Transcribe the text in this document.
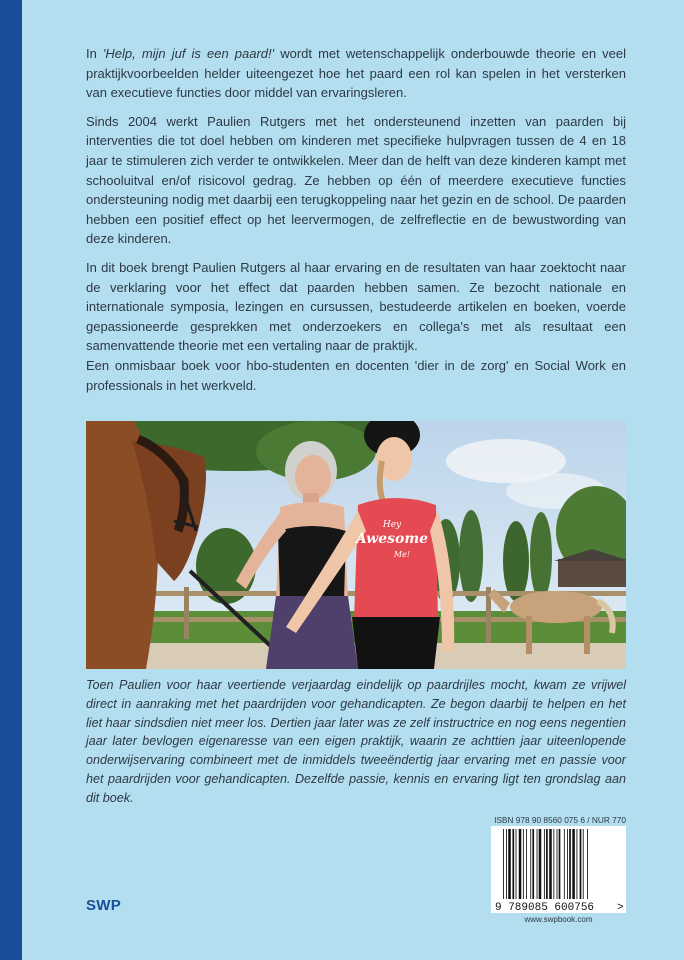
In 'Help, mijn juf is een paard!' wordt met wetenschappelijk onderbouwde theorie en veel praktijkvoorbeelden helder uiteengezet hoe het paard een rol kan spelen in het versterken van executieve functies door middel van ervaringsleren.

Sinds 2004 werkt Paulien Rutgers met het ondersteunend inzetten van paarden bij interventies die tot doel hebben om kinderen met specifieke hulpvragen tussen de 4 en 18 jaar te stimuleren zich verder te ontwikkelen. Meer dan de helft van deze kinderen kampt met schooluitval en/of risicovol gedrag. Ze hebben op één of meerdere executieve functies ondersteuning nodig met daarbij een terugkoppeling naar het gezin en de school. De paarden hebben een positief effect op het leervermogen, de zelfreflectie en de bewustwording van deze kinderen.

In dit boek brengt Paulien Rutgers al haar ervaring en de resultaten van haar zoektocht naar de verklaring voor het effect dat paarden hebben samen. Ze bezocht nationale en internationale symposia, lezingen en cursussen, bestudeerde artikelen en boeken, voerde gepassioneerde gesprekken met onderzoekers en collega's met als resultaat een samenvattende theorie met een vertaling naar de praktijk.

Een onmisbaar boek voor hbo-studenten en docenten 'dier in de zorg' en Social Work en professionals in het werkveld.

Hey
Awesome
Me!

Toen Paulien voor haar veertiende verjaardag eindelijk op paardrijles mocht, kwam ze vrijwel direct in aanraking met het paardrijden voor gehandicapten. Ze begon daarbij te helpen en het liet haar sindsdien niet meer los. Dertien jaar later was ze zelf instructrice en nog eens negentien jaar later bevlogen eigenaresse van een eigen praktijk, waarin ze achttien jaar uiteenlopende onderwijservaring combineert met de inmiddels tweeëndertig jaar ervaring met en passie voor het paardrijden voor gehandicapten. Dezelfde passie, kennis en ervaring ligt ten grondslag aan dit boek.

SWP
ISBN 978 90 8560 075 6 / NUR 770
9 789085 600756 >
www.swpbook.com
